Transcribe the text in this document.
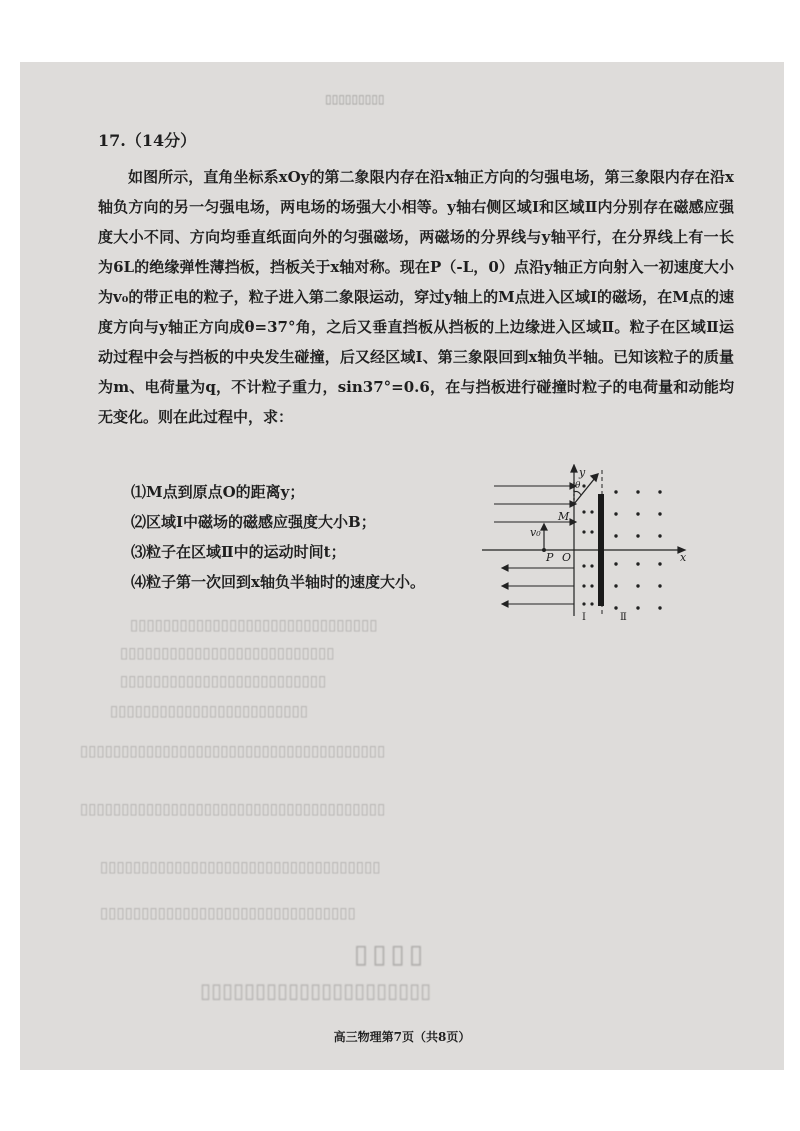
▯▯▯▯▯▯▯▯▯
▯▯▯▯▯▯▯▯▯▯▯▯▯▯▯▯▯▯▯▯▯▯▯▯▯▯▯▯▯▯
▯▯▯▯▯▯▯▯▯▯▯▯▯▯▯▯▯▯▯▯▯▯▯▯▯▯
▯▯▯▯▯▯▯▯▯▯▯▯▯▯▯▯▯▯▯▯▯▯▯▯▯
▯▯▯▯▯▯▯▯▯▯▯▯▯▯▯▯▯▯▯▯▯▯▯▯
▯▯▯▯▯▯▯▯▯▯▯▯▯▯▯▯▯▯▯▯▯▯▯▯▯▯▯▯▯▯▯▯▯▯▯▯▯
▯▯▯▯▯▯▯▯▯▯▯▯▯▯▯▯▯▯▯▯▯▯▯▯▯▯▯▯▯▯▯▯▯▯▯▯▯
▯▯▯▯▯▯▯▯▯▯▯▯▯▯▯▯▯▯▯▯▯▯▯▯▯▯▯▯▯▯▯▯▯▯
▯▯▯▯▯▯▯▯▯▯▯▯▯▯▯▯▯▯▯▯▯▯▯▯▯▯▯▯▯▯▯
▯▯▯▯
▯▯▯▯▯▯▯▯▯▯▯▯▯▯▯▯▯▯▯▯▯
17.（14分）
如图所示，直角坐标系xOy的第二象限内存在沿x轴正方向的匀强电场，第三象限内存在沿x轴负方向的另一匀强电场，两电场的场强大小相等。y轴右侧区域Ⅰ和区域Ⅱ内分别存在磁感应强度大小不同、方向均垂直纸面向外的匀强磁场，两磁场的分界线与y轴平行，在分界线上有一长为6L的绝缘弹性薄挡板，挡板关于x轴对称。现在P（-L，0）点沿y轴正方向射入一初速度大小为v₀的带正电的粒子，粒子进入第二象限运动，穿过y轴上的M点进入区域Ⅰ的磁场，在M点的速度方向与y轴正方向成θ=37°角，之后又垂直挡板从挡板的上边缘进入区域Ⅱ。粒子在区域Ⅱ运动过程中会与挡板的中央发生碰撞，后又经区域Ⅰ、第三象限回到x轴负半轴。已知该粒子的质量为m、电荷量为q，不计粒子重力，sin37°=0.6，在与挡板进行碰撞时粒子的电荷量和动能均无变化。则在此过程中，求：
⑴M点到原点O的距离y；
⑵区域Ⅰ中磁场的磁感应强度大小B；
⑶粒子在区域Ⅱ中的运动时间t；
⑷粒子第一次回到x轴负半轴时的速度大小。
y
x
O
P
M
v₀
θ
Ⅰ	Ⅱ
高三物理第7页（共8页）
